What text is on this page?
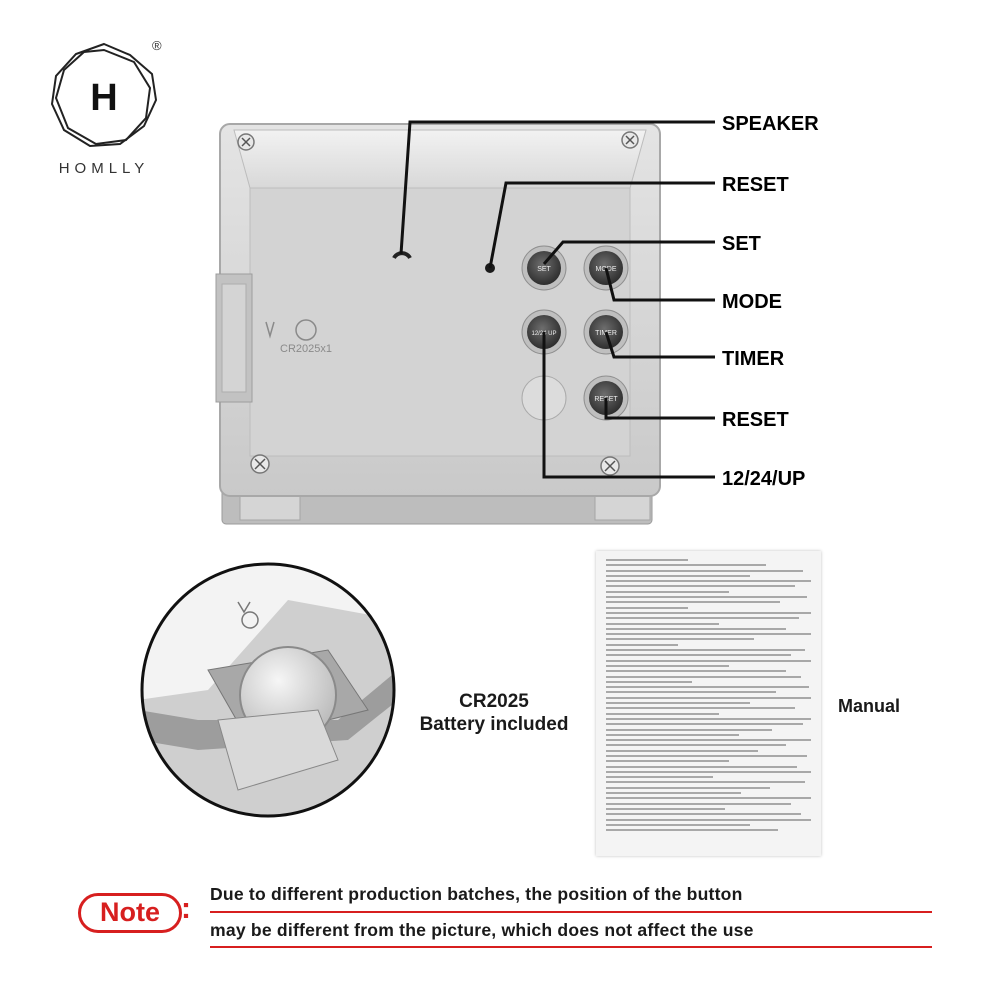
H
®
HOMLLY
CR2025x1
SET	MODE
12/24 UP	TIMER
RESET
SPEAKER
RESET
SET
MODE
TIMER
RESET
12/24/UP
CR2025
Battery included
Manual
Note : Due to different production batches, the position of the button
may be different from the picture, which does not affect the use
